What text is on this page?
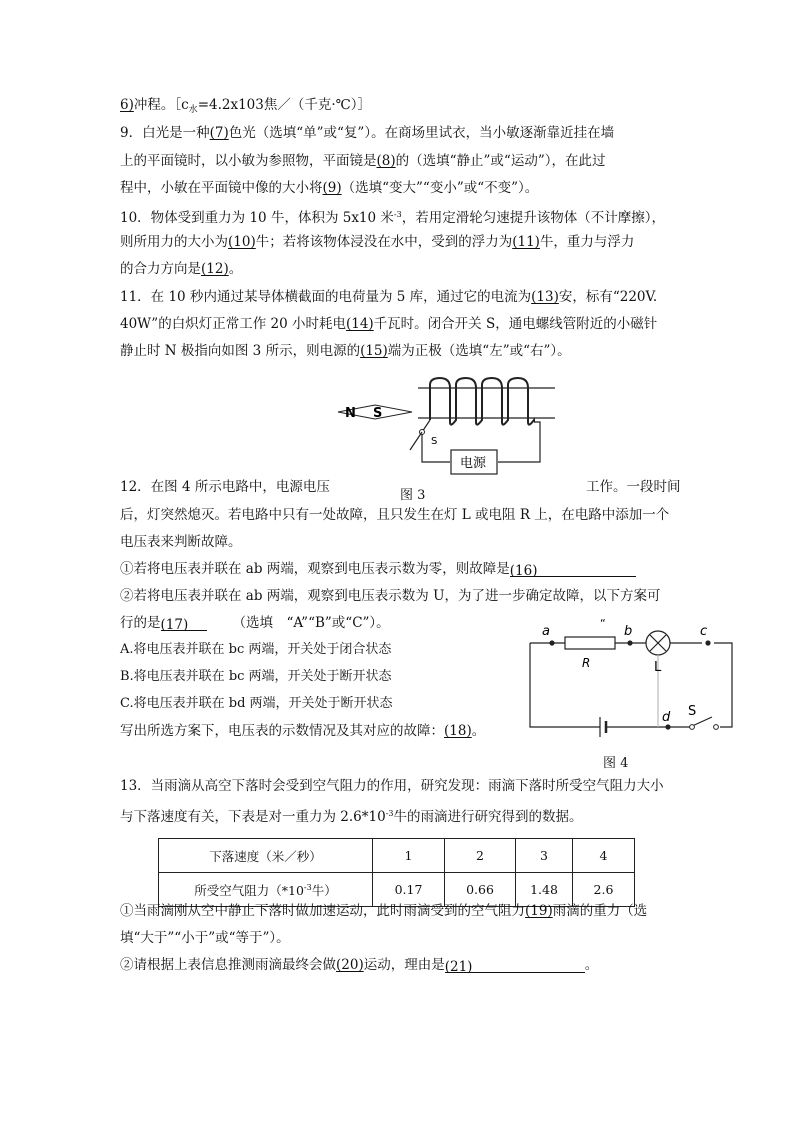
6)冲程。$[c_水=4.2x103$焦／（千克·℃）］
9．白光是一种(7)色光（选填“单”或“复”）。在商场里试衣，当小敏逐渐靠近挂在墙
上的平面镜时，以小敏为参照物，平面镜是(8)的（选填“静止”或“运动”），在此过
程中，小敏在平面镜中像的大小将(9)（选填“变大”“变小”或“不变”）。
10．物体受到重力为 10 牛，体积为 5x10 米$^{-3}$，若用定滑轮匀速提升该物体（不计摩擦），
则所用力的大小为(10)牛；若将该物体浸没在水中，受到的浮力为(11)牛，重力与浮力
的合力方向是(12)。
11．在 10 秒内通过某导体横截面的电荷量为 5 库，通过它的电流为(13)安，标有“220V.
40W”的白炽灯正常工作 20 小时耗电(14)千瓦时。闭合开关 S，通电螺线管附近的小磁针
静止时 N 极指向如图 3 所示，则电源的(15)端为正极（选填“左”或“右”）。
N S
S
电源
12．在图 4 所示电路中，电源电压
图 3
工作。一段时间
后，灯突然熄灭。若电路中只有一处故障，且只发生在灯 L 或电阻 R 上，在电路中添加一个
电压表来判断故障。
①若将电压表并联在 ab 两端，观察到电压表示数为零，则故障是(16)
②若将电压表并联在 ab 两端，观察到电压表示数为 U，为了进一步确定故障，以下方案可
行的是(17)	（选填　“A”“B”或“C”）。
A.将电压表并联在 bc 两端，开关处于闭合状态
B.将电压表并联在 bc 两端，开关处于断开状态
C.将电压表并联在 bd 两端，开关处于断开状态
写出所选方案下，电压表的示数情况及其对应的故障：(18)。
a	b	c
d
R	L
S
“
图 4
13．当雨滴从高空下落时会受到空气阻力的作用，研究发现：雨滴下落时所受空气阻力大小
与下落速度有关，下表是对一重力为 $2.6*10^{-3}$牛的雨滴进行研究得到的数据。
下落速度（米／秒）	1	2	3	4
所受空气阻力（$*10^{-3}$牛）	0.17	0.66	1.48	2.6
①当雨滴刚从空中静止下落时做加速运动，此时雨滴受到的空气阻力(19)雨滴的重力（选
填“大于”“小于”或“等于”）。
②请根据上表信息推测雨滴最终会做(20)运动，理由是(21)	。
